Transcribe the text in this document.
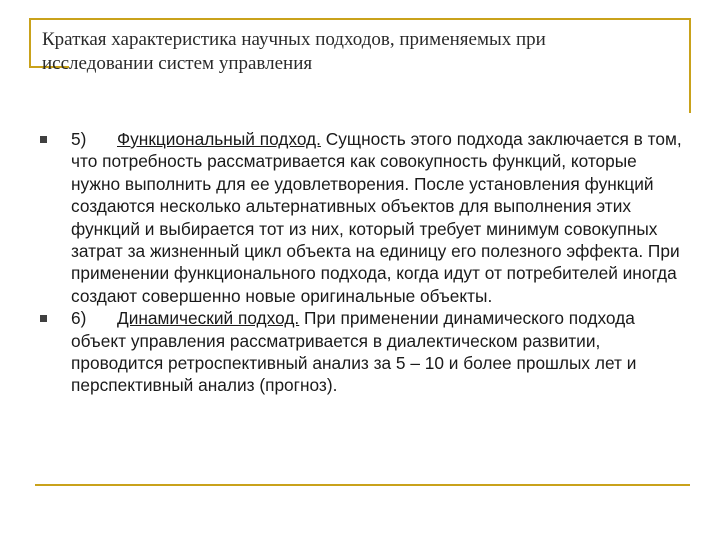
Краткая характеристика научных подходов, применяемых при исследовании систем управления
5) Функциональный подход. Сущность этого подхода заключается в том, что потребность рассматривается как совокупность функций, которые нужно выполнить для ее удовлетворения. После установления функций создаются несколько альтернативных объектов для выполнения этих функций и выбирается тот из них, который требует минимум совокупных затрат за жизненный цикл объекта на единицу его полезного эффекта. При применении функционального подхода, когда идут от потребителей иногда создают совершенно новые оригинальные объекты.
6) Динамический подход. При применении динамического подхода объект управления рассматривается в диалектическом развитии, проводится ретроспективный анализ за 5 – 10 и более прошлых лет и перспективный анализ (прогноз).
